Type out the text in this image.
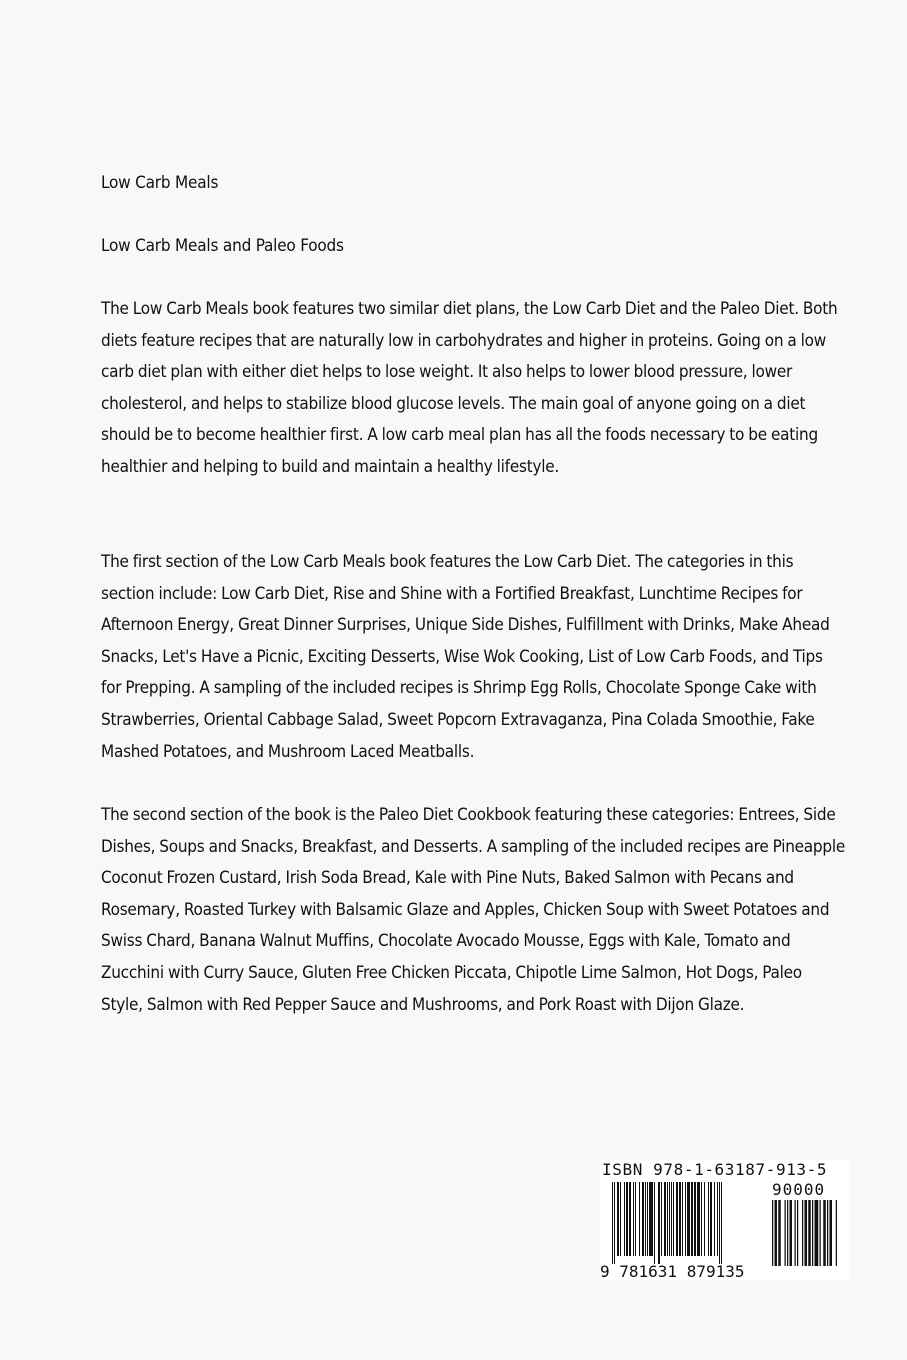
Low Carb Meals

Low Carb Meals and Paleo Foods

The Low Carb Meals book features two similar diet plans, the Low Carb Diet and the Paleo Diet. Both diets feature recipes that are naturally low in carbohydrates and higher in proteins. Going on a low carb diet plan with either diet helps to lose weight. It also helps to lower blood pressure, lower cholesterol, and helps to stabilize blood glucose levels. The main goal of anyone going on a diet should be to become healthier first. A low carb meal plan has all the foods necessary to be eating healthier and helping to build and maintain a healthy lifestyle.

The first section of the Low Carb Meals book features the Low Carb Diet. The categories in this section include: Low Carb Diet, Rise and Shine with a Fortified Breakfast, Lunchtime Recipes for Afternoon Energy, Great Dinner Surprises, Unique Side Dishes, Fulfillment with Drinks, Make Ahead Snacks, Let's Have a Picnic, Exciting Desserts, Wise Wok Cooking, List of Low Carb Foods, and Tips for Prepping. A sampling of the included recipes is Shrimp Egg Rolls, Chocolate Sponge Cake with Strawberries, Oriental Cabbage Salad, Sweet Popcorn Extravaganza, Pina Colada Smoothie, Fake Mashed Potatoes, and Mushroom Laced Meatballs.

The second section of the book is the Paleo Diet Cookbook featuring these categories: Entrees, Side Dishes, Soups and Snacks, Breakfast, and Desserts. A sampling of the included recipes are Pineapple Coconut Frozen Custard, Irish Soda Bread, Kale with Pine Nuts, Baked Salmon with Pecans and Rosemary, Roasted Turkey with Balsamic Glaze and Apples, Chicken Soup with Sweet Potatoes and Swiss Chard, Banana Walnut Muffins, Chocolate Avocado Mousse, Eggs with Kale, Tomato and Zucchini with Curry Sauce, Gluten Free Chicken Piccata, Chipotle Lime Salmon, Hot Dogs, Paleo Style, Salmon with Red Pepper Sauce and Mushrooms, and Pork Roast with Dijon Glaze.

ISBN 978-1-63187-913-5
90000
9 781631 879135
